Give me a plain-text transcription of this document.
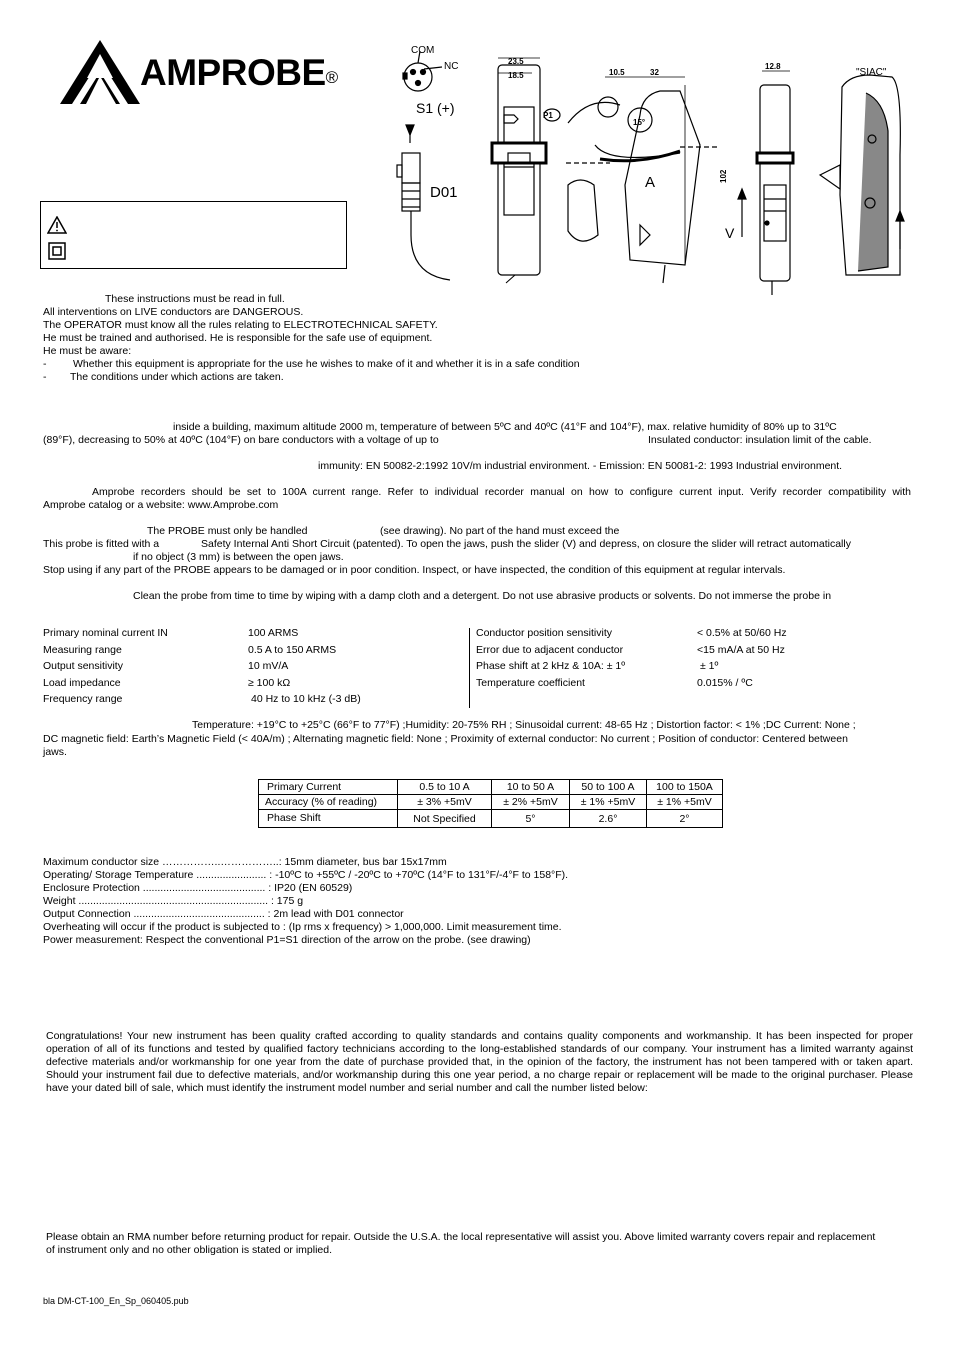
AMPROBE®
COM
NC
S1 (+)
D01
23.5
18.5
P1
10.5	32
15°
A
V
102
12.8
"SIAC"
These instructions must be read in full.
All interventions on LIVE conductors are DANGEROUS.
The OPERATOR must know all the rules relating to ELECTROTECHNICAL SAFETY.
He must be trained and authorised. He is responsible for the safe use of equipment.
He must be aware:
-	Whether this equipment is appropriate for the use he wishes to make of it and whether it is in a safe condition
- The conditions under which actions are taken.
inside a building, maximum altitude 2000 m, temperature of between 5ºC and 40ºC (41°F and 104°F), max. relative humidity of 80% up to 31ºC
(89°F), decreasing to 50% at 40ºC (104°F) on bare conductors with a voltage of up to	Insulated conductor: insulation limit of the cable.
immunity: EN 50082-2:1992 10V/m industrial environment. - Emission: EN 50081-2: 1993 Industrial environment.
Amprobe recorders should be set to 100A current range. Refer to individual recorder manual on how to configure current input. Verify recorder compatibility with
Amprobe catalog or a website: www.Amprobe.com
The PROBE must only be handled	(see drawing). No part of the hand must exceed the
This probe is fitted with a	Safety Internal Anti Short Circuit (patented). To open the jaws, push the slider (V) and depress, on closure the slider will retract automatically
if no object (3 mm) is between the open jaws.
Stop using if any part of the PROBE appears to be damaged or in poor condition. Inspect, or have inspected, the condition of this equipment at regular intervals.
Clean the probe from time to time by wiping with a damp cloth and a detergent. Do not use abrasive products or solvents. Do not immerse the probe in
Primary nominal current IN	100 ARMS
Measuring range	0.5 A to 150 ARMS
Output sensitivity	10 mV/A
Load impedance	≥ 100 kΩ
Frequency range	40 Hz to 10 kHz (-3 dB)
Conductor position sensitivity	< 0.5% at 50/60 Hz
Error due to adjacent conductor	<15 mA/A at 50 Hz
Phase shift at 2 kHz & 10A: ± 1º	± 1º
Temperature coefficient	0.015% / ºC
Temperature: +19°C to +25°C (66°F to 77°F) ;Humidity: 20-75% RH ; Sinusoidal current: 48-65 Hz ; Distortion factor: < 1% ;DC Current: None ;
DC magnetic field: Earth’s Magnetic Field (< 40A/m) ; Alternating magnetic field: None ; Proximity of external conductor: No current ; Position of conductor: Centered between
jaws.
Primary Current	0.5 to 10 A	10 to 50 A	50 to 100 A	100 to 150A
Accuracy (% of reading)	± 3% +5mV	± 2% +5mV	± 1% +5mV	± 1% +5mV
Phase Shift	Not Specified	5°	2.6°	2°
Maximum conductor size ……………..……………..: 15mm diameter, bus bar 15x17mm
Operating/ Storage Temperature ........................ : -10ºC to +55ºC / -20ºC to +70ºC (14°F to 131°F/-4°F to 158°F).
Enclosure Protection .......................................... : IP20 (EN 60529)
Weight ................................................................. : 175 g
Output Connection ............................................. : 2m lead with D01 connector
Overheating will occur if the product is subjected to : (Ip rms x frequency) > 1,000,000. Limit measurement time.
Power measurement: Respect the conventional P1=S1 direction of the arrow on the probe. (see drawing)
Congratulations! Your new instrument has been quality crafted according to quality standards and contains quality components and workmanship. It has been inspected for proper operation of all of its functions and tested by qualified factory technicians according to the long-established standards of our company. Your instrument has a limited warranty against defective materials and/or workmanship for one year from the date of purchase provided that, in the opinion of the factory, the instrument has not been tampered with or taken apart. Should your instrument fail due to defective materials, and/or workmanship during this one year period, a no charge repair or replacement will be made to the original purchaser. Please have your dated bill of sale, which must identify the instrument model number and serial number and call the number listed below:
Please obtain an RMA number before returning product for repair. Outside the U.S.A. the local representative will assist you. Above limited warranty covers repair and replacement of instrument only and no other obligation is stated or implied.
bla DM-CT-100_En_Sp_060405.pub
